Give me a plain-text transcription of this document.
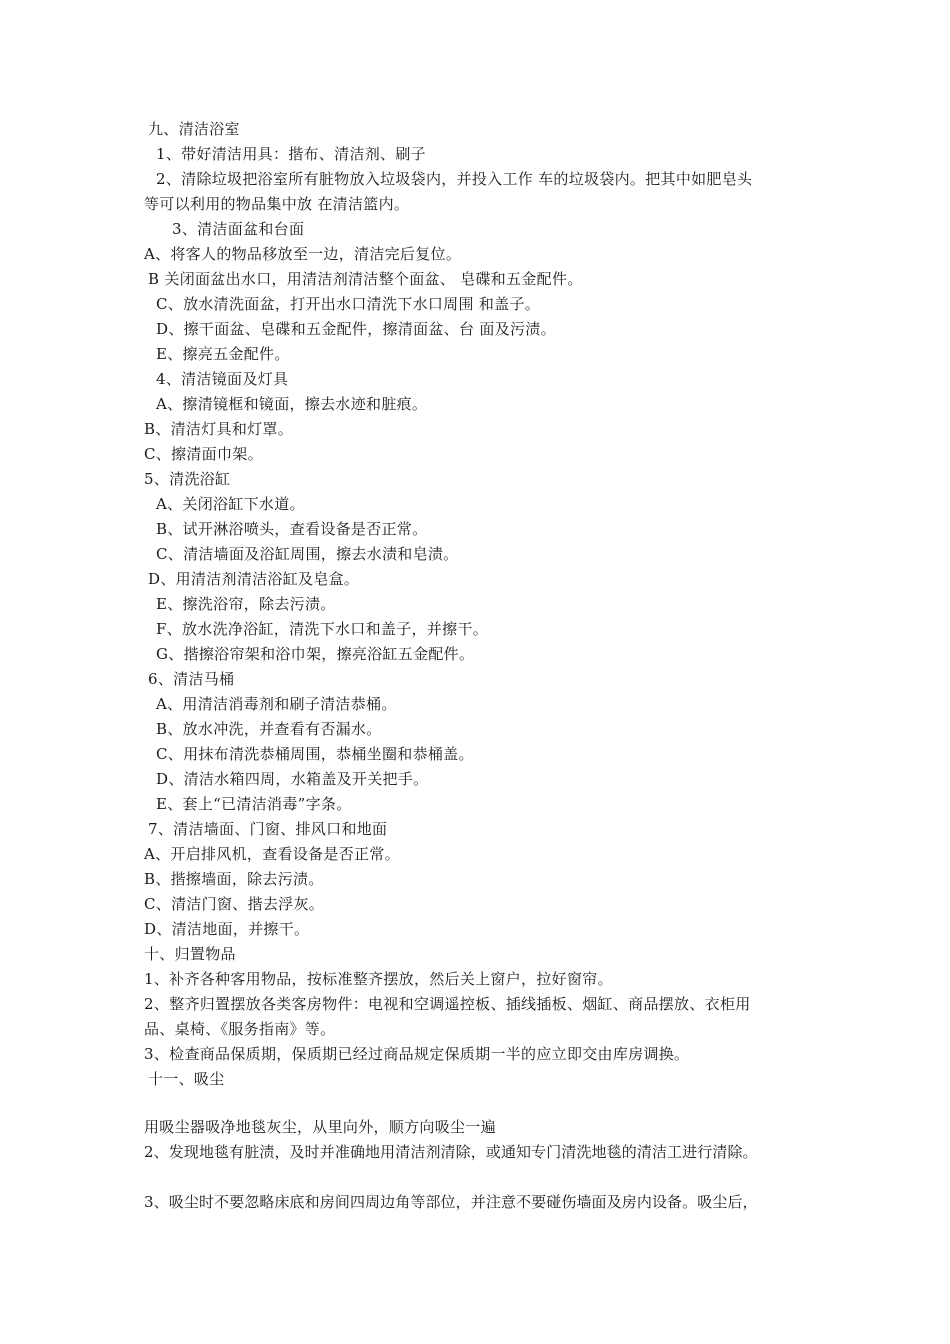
九、清洁浴室
1、带好清洁用具：揩布、清洁剂、刷子
2、清除垃圾把浴室所有脏物放入垃圾袋内，并投入工作 车的垃圾袋内。把其中如肥皂头
等可以利用的物品集中放 在清洁篮内。
3、清洁面盆和台面
A、将客人的物品移放至一边，清洁完后复位。
B 关闭面盆出水口，用清洁剂清洁整个面盆、 皂碟和五金配件。
C、放水清洗面盆，打开出水口清洗下水口周围 和盖子。
D、擦干面盆、皂碟和五金配件，擦清面盆、台 面及污渍。
E、擦亮五金配件。
4、清洁镜面及灯具
A、擦清镜框和镜面，擦去水迹和脏痕。
B、清洁灯具和灯罩。
C、擦清面巾架。
5、清洗浴缸
A、关闭浴缸下水道。
B、试开淋浴喷头，查看设备是否正常。
C、清洁墙面及浴缸周围，擦去水渍和皂渍。
D、用清洁剂清洁浴缸及皂盒。
E、擦洗浴帘，除去污渍。
F、放水洗净浴缸，清洗下水口和盖子，并擦干。
G、揩擦浴帘架和浴巾架，擦亮浴缸五金配件。
6、清洁马桶
A、用清洁消毒剂和刷子清洁恭桶。
B、放水冲洗，并查看有否漏水。
C、用抹布清洗恭桶周围，恭桶坐圈和恭桶盖。
D、清洁水箱四周，水箱盖及开关把手。
E、套上“已清洁消毒”字条。
7、清洁墙面、门窗、排风口和地面
A、开启排风机，查看设备是否正常。
B、揩擦墙面，除去污渍。
C、清洁门窗、揩去浮灰。
D、清洁地面，并擦干。
十、归置物品
1、补齐各种客用物品，按标准整齐摆放，然后关上窗户，拉好窗帘。
2、整齐归置摆放各类客房物件：电视和空调遥控板、插线插板、烟缸、商品摆放、衣柜用
品、桌椅、《服务指南》等。
3、检查商品保质期，保质期已经过商品规定保质期一半的应立即交由库房调换。
十一、吸尘
用吸尘器吸净地毯灰尘，从里向外，顺方向吸尘一遍
2、发现地毯有脏渍，及时并准确地用清洁剂清除，或通知专门清洗地毯的清洁工进行清除。
3、吸尘时不要忽略床底和房间四周边角等部位，并注意不要碰伤墙面及房内设备。吸尘后，
